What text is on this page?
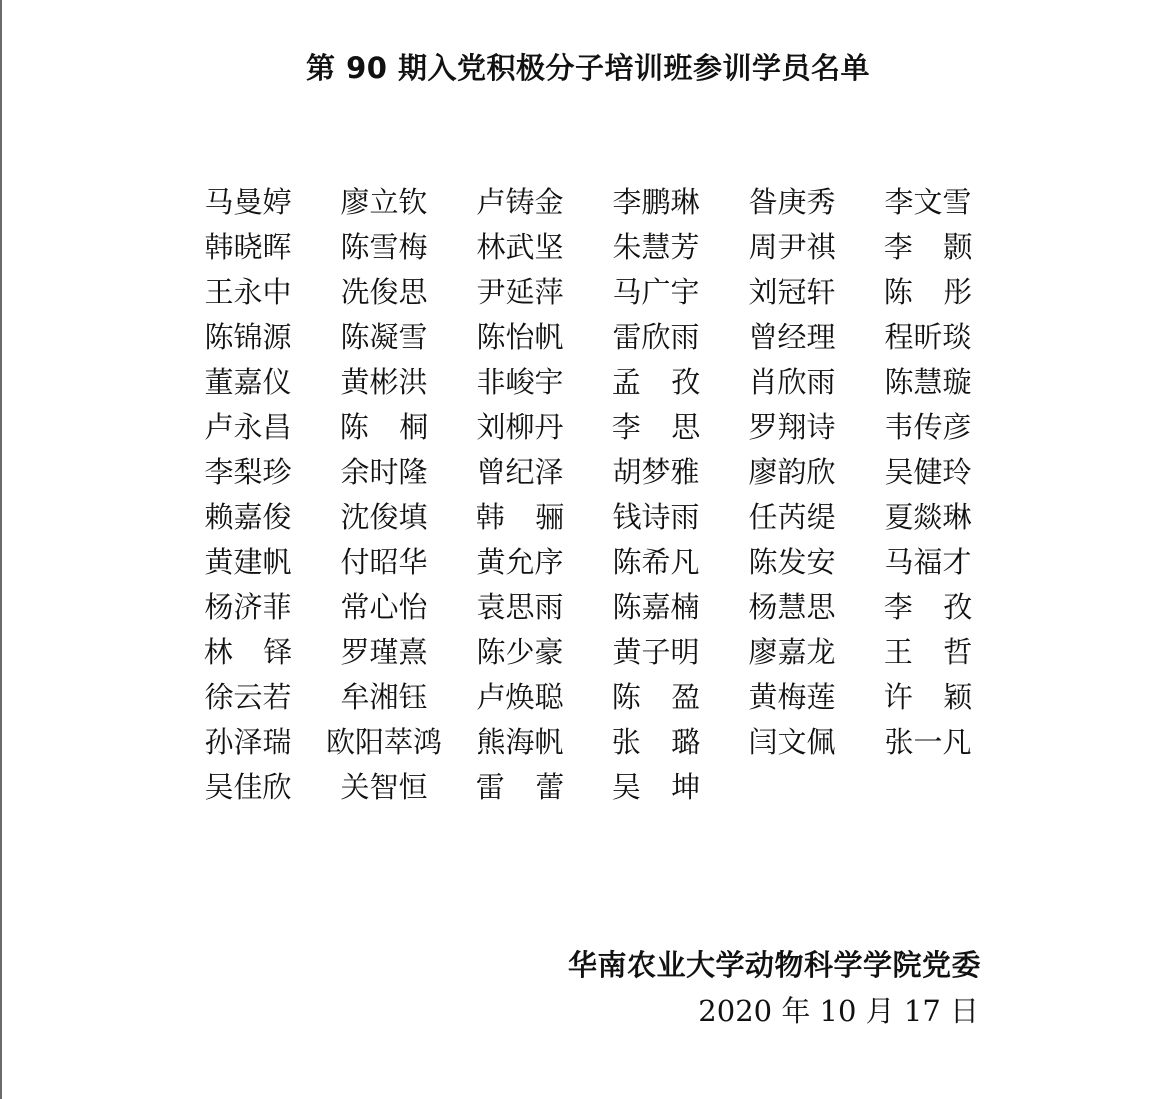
第 90 期入党积极分子培训班参训学员名单
马曼婷	廖立钦	卢铸金	李鹏琳	昝庚秀	李文雪
韩晓晖	陈雪梅	林武坚	朱慧芳	周尹祺	李颢
王永中	冼俊思	尹延萍	马广宇	刘冠轩	陈彤
陈锦源	陈凝雪	陈怡帆	雷欣雨	曾经理	程昕琰
董嘉仪	黄彬洪	非峻宇	孟孜 肖欣雨	陈慧璇
卢永昌	陈桐 刘柳丹	李思 罗翔诗	韦传彦
李梨珍	余时隆	曾纪泽	胡梦雅	廖韵欣	吴健玲
赖嘉俊	沈俊填	韩骊 钱诗雨	任芮缇	夏燚琳
黄建帆	付昭华	黄允序	陈希凡	陈发安	马福才
杨济菲	常心怡	袁思雨	陈嘉楠	杨慧思	李孜
林铎 罗瑾熹	陈少豪	黄子明	廖嘉龙	王哲
徐云若	牟湘钰	卢焕聪	陈盈 黄梅莲	许颖
孙泽瑞	欧阳萃鸿	熊海帆	张璐 闫文佩	张一凡
吴佳欣	关智恒	雷蕾 吴坤
华南农业大学动物科学学院党委
2020 年 10 月 17 日
